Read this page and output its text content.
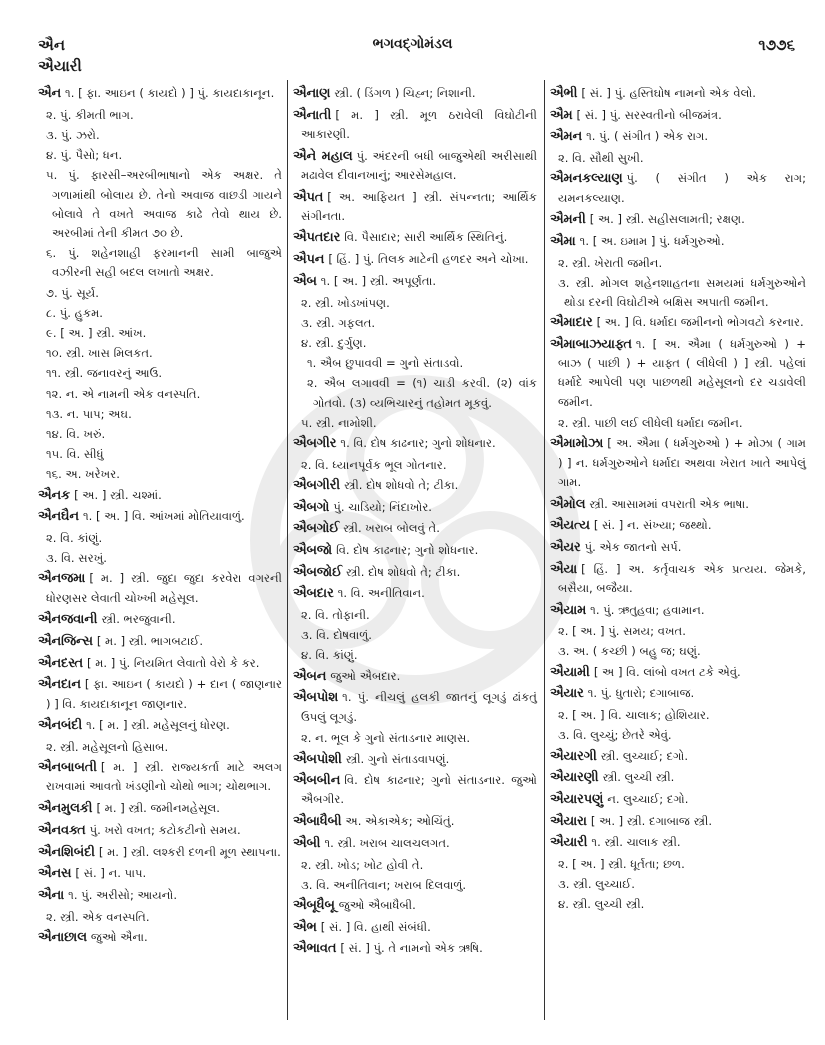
ઐન
ઐયારી
ભગવદ્ગોમંડલ	૧૭૭૬
ઐન ૧. [ ફા. આઇન ( કાયદો ) ] પું. કાયદાકાનૂન.
૨. પું. કીમતી ભાગ.
૩. પું. ઝરો.
૪. પું. પૈસો; ધન.
૫. પું. ફારસી–અરબીભાષાનો એક અક્ષર. તે ગળામાંથી બોલાય છે. તેનો અવાજ વાછડી ગાયને બોલાવે તે વખતે અવાજ કાઢે તેવો થાય છે. અરબીમાં તેની કીમત ૭૦ છે.
૬. પું. શહેનશાહી ફરમાનની સામી બાજુએ વઝીરની સહી બદલ લખાતો અક્ષર.
૭. પું. સૂર્ય.
૮. પું. હુકમ.
૯. [ અ. ] સ્ત્રી. આંખ.
૧૦. સ્ત્રી. ખાસ મિલકત.
૧૧. સ્ત્રી. જનાવરનું આઉ.
૧૨. ન. એ નામની એક વનસ્પતિ.
૧૩. ન. પાપ; અઘ.
૧૪. વિ. ખરું.
૧૫. વિ. સીધું
૧૬. અ. ખરેખર.
ઐનક [ અ. ] સ્ત્રી. ચશ્માં.
ઐનઘૈન ૧. [ અ. ] વિ. આંખમાં મોતિયાવાળું.
૨. વિ. કાંણું.
૩. વિ. સરખું.
ઐનજમા [ મ. ] સ્ત્રી. જુદા જુદા કરવેરા વગરની ધોરણસર લેવાતી ચોખ્ખી મહેસૂલ.
ઐનજવાની સ્ત્રી. ભરજુવાની.
ઐનજિન્સ [ મ. ] સ્ત્રી. ભાગબટાઈ.
ઐનદસ્ત [ મ. ] પું. નિયમિત લેવાતો વેરો કે કર.
ઐનદાન [ ફા. આઇન ( કાયદો ) + દાન ( જાણનાર ) ] વિ. કાયદાકાનૂન જાણનાર.
ઐનબંદી ૧. [ મ. ] સ્ત્રી. મહેસૂલનું ધોરણ.
૨. સ્ત્રી. મહેસૂલનો હિસાબ.
ઐનબાબતી [ મ. ] સ્ત્રી. રાજ્યકર્તા માટે અલગ રાખવામાં આવતો ખંડણીનો ચોથો ભાગ; ચોથભાગ.
ઐનમુલકી [ મ. ] સ્ત્રી. જમીનમહેસૂલ.
ઐનવક્ત પું. ખરો વખત; કટોકટીનો સમય.
ઐનશિબંદી [ મ. ] સ્ત્રી. લશ્કરી દળની મૂળ સ્થાપના.
ઐનસ [ સં. ] ન. પાપ.
ઐના ૧. પું. અરીસો; આયનો.
૨. સ્ત્રી. એક વનસ્પતિ.
ઐનાછાલ જુઓ ઐના.
ઐનાણ સ્ત્રી. ( ડિંગળ ) ચિહ્ન; નિશાની.
ઐનાતી [ મ. ] સ્ત્રી. મૂળ ઠરાવેલી વિઘોટીની આકારણી.
ઐને મહાલ પું. અંદરની બધી બાજુએથી અરીસાથી મઢાવેલ દીવાનખાનું; આરસેમહાલ.
ઐપત [ અ. આફિયત ] સ્ત્રી. સંપન્નતા; આર્થિક સંગીનતા.
ઐપતદાર વિ. પૈસાદાર; સારી આર્થિક સ્થિતિનું.
ઐપન [ હિં. ] પું. તિલક માટેની હળદર અને ચોખા.
ઐબ ૧. [ અ. ] સ્ત્રી. અપૂર્ણતા.
૨. સ્ત્રી. ખોડખાંપણ.
૩. સ્ત્રી. ગફલત.
૪. સ્ત્રી. દુર્ગુણ.
૧. ઐબ છુપાવવી = ગુનો સંતાડવો.
૨. ઐબ લગાવવી = (૧) ચાડી કરવી. (૨) વાંક ગોતવો. (૩) વ્યભિચારનું તહોમત મૂકવું.
૫. સ્ત્રી. નામોશી.
ઐબગીર ૧. વિ. દોષ કાઢનાર; ગુનો શોધનાર.
૨. વિ. ધ્યાનપૂર્વક ભૂલ ગોતનાર.
ઐબગીરી સ્ત્રી. દોષ શોધવો તે; ટીકા.
ઐબગો પું. ચાડિયો; નિંદાખોર.
ઐબગોઈ સ્ત્રી. ખરાબ બોલવું તે.
ઐબજો વિ. દોષ કાઢનાર; ગુનો શોધનાર.
ઐબજોઈ સ્ત્રી. દોષ શોધવો તે; ટીકા.
ઐબદાર ૧. વિ. અનીતિવાન.
૨. વિ. તોફાની.
૩. વિ. દોષવાળું.
૪. વિ. કાંણું.
ઐબન જુઓ ઐબદાર.
ઐબપોશ ૧. પું. નીચલું હલકી જાતનું લૂગડું ઢાંકતું ઉપલું લૂગડું.
૨. ન. ભૂલ કે ગુનો સંતાડનાર માણસ.
ઐબપોશી સ્ત્રી. ગુનો સંતાડવાપણું.
ઐબબીન વિ. દોષ કાઢનાર; ગુનો સંતાડનાર. જુઓ ઐબગીર.
ઐબાધૈબી અ. એકાએક; ઓચિંતું.
ઐબી ૧. સ્ત્રી. ખરાબ ચાલચલગત.
૨. સ્ત્રી. ખોડ; ખોટ હોવી તે.
૩. વિ. અનીતિવાન; ખરાબ દિલવાળું.
ઐબૂધૈબૂ જુઓ ઐબાધૈબી.
ઐભ [ સં. ] વિ. હાથી સંબંધી.
ઐભાવત [ સં. ] પું. તે નામનો એક ઋષિ.
ઐભી [ સં. ] પું. હસ્તિઘોષ નામનો એક વેલો.
ઐમ [ સં. ] પું. સરસ્વતીનો બીજમંત્ર.
ઐમન ૧. પું. ( સંગીત ) એક રાગ.
૨. વિ. સૌથી સુખી.
ઐમનકલ્યાણ પું. ( સંગીત ) એક રાગ; યમનકલ્યાણ.
ઐમની [ અ. ] સ્ત્રી. સહીસલામતી; રક્ષણ.
ઐમા ૧. [ અ. ઇમામ ] પું. ધર્મગુરુઓ.
૨. સ્ત્રી. ખેરાતી જમીન.
૩. સ્ત્રી. મોગલ શહેનશાહતના સમયમાં ધર્મગુરુઓને થોડા દરની વિઘોટીએ બક્ષિસ અપાતી જમીન.
ઐમાદાર [ અ. ] વિ. ધર્માદા જમીનનો ભોગવટો કરનાર.
ઐમાબાઝયાફ્ત ૧. [ અ. ઐમા ( ધર્મગુરુઓ ) + બાઝ ( પાછી ) + યાફ્ત ( લીધેલી ) ] સ્ત્રી. પહેલાં ધર્માદે આપેલી પણ પાછળથી મહેસૂલનો દર ચડાવેલી જમીન.
૨. સ્ત્રી. પાછી લઈ લીધેલી ધર્માદા જમીન.
ઐમામોઝા [ અ. ઐમા ( ધર્મગુરુઓ ) + મોઝા ( ગામ ) ] ન. ધર્મગુરુઓને ધર્માદા અથવા ખેરાત ખાતે આપેલું ગામ.
ઐમોલ સ્ત્રી. આસામમાં વપરાતી એક ભાષા.
ઐયત્ય [ સં. ] ન. સંખ્યા; જથ્થો.
ઐયર પું. એક જાતનો સર્પ.
ઐયા [ હિં. ] અ. કર્તૃવાચક એક પ્રત્યય. જેમકે, બસૈયા, બજૈયા.
ઐયામ ૧. પું. ઋતુહવા; હવામાન.
૨. [ અ. ] પું. સમય; વખત.
૩. અ. ( કચ્છી ) બહુ જ; ઘણું.
ઐયામી [ અ ] વિ. લાંબો વખત ટકે એવું.
ઐયાર ૧. પું. ધુતારો; દગાબાજ.
૨. [ અ. ] વિ. ચાલાક; હોશિયાર.
૩. વિ. લુચ્ચું; છેતરે એવું.
ઐયારગી સ્ત્રી. લુચ્ચાઈ; દગો.
ઐયારણી સ્ત્રી. લુચ્ચી સ્ત્રી.
ઐયારપણું ન. લુચ્ચાઈ; દગો.
ઐયારા [ અ. ] સ્ત્રી. દગાબાજ સ્ત્રી.
ઐયારી ૧. સ્ત્રી. ચાલાક સ્ત્રી.
૨. [ અ. ] સ્ત્રી. ધૂર્તતા; છળ.
૩. સ્ત્રી. લુચ્ચાઈ.
૪. સ્ત્રી. લુચ્ચી સ્ત્રી.
